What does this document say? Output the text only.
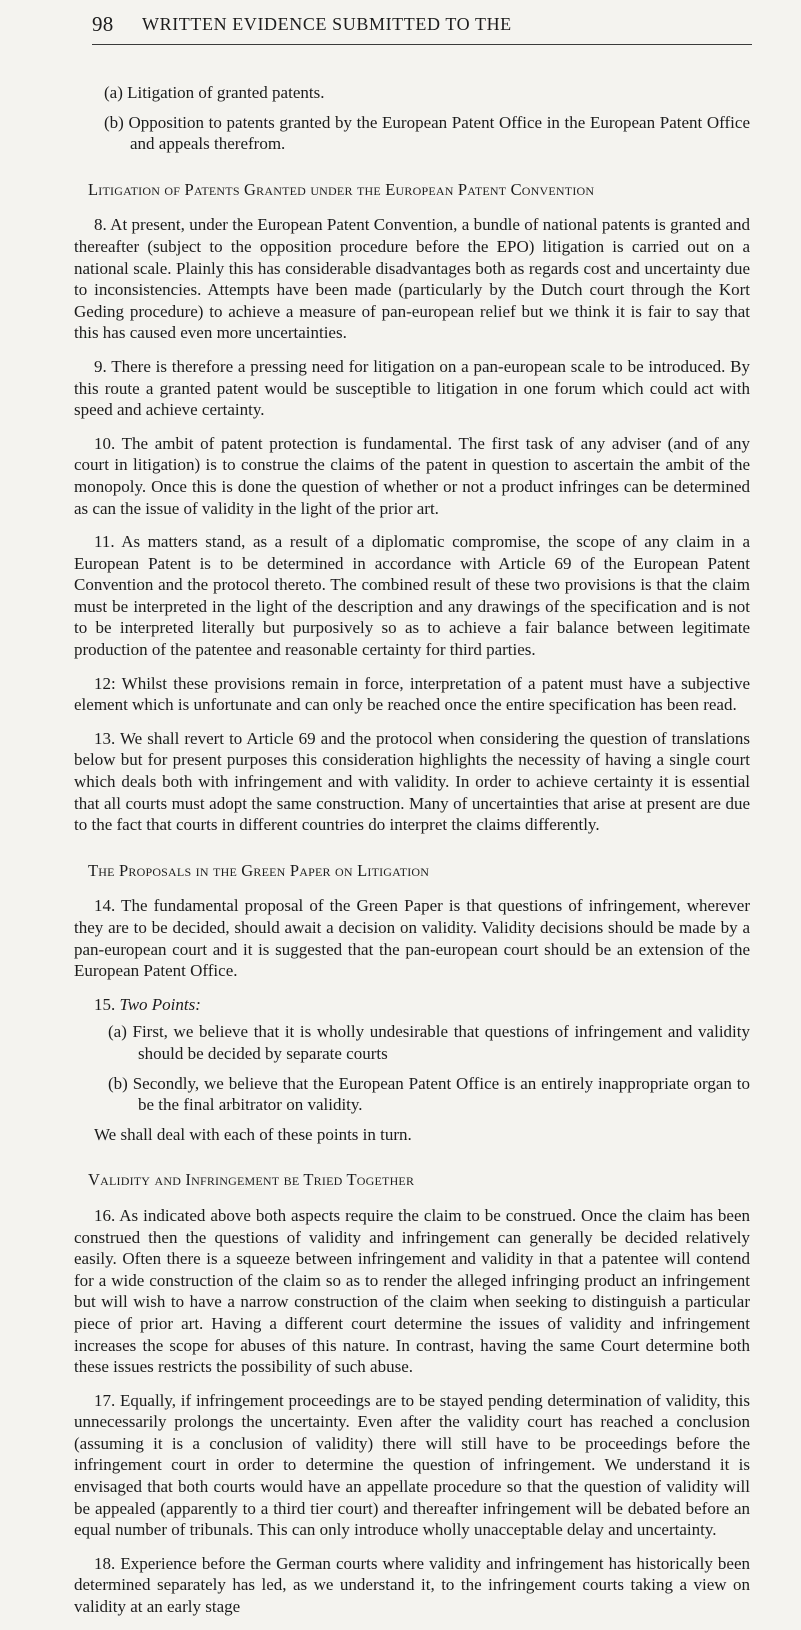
98 WRITTEN EVIDENCE SUBMITTED TO THE

(a) Litigation of granted patents.

(b) Opposition to patents granted by the European Patent Office in the European Patent Office and appeals therefrom.

Litigation of Patents Granted under the European Patent Convention

8. At present, under the European Patent Convention, a bundle of national patents is granted and thereafter (subject to the opposition procedure before the EPO) litigation is carried out on a national scale. Plainly this has considerable disadvantages both as regards cost and uncertainty due to inconsistencies. Attempts have been made (particularly by the Dutch court through the Kort Geding procedure) to achieve a measure of pan-european relief but we think it is fair to say that this has caused even more uncertainties.

9. There is therefore a pressing need for litigation on a pan-european scale to be introduced. By this route a granted patent would be susceptible to litigation in one forum which could act with speed and achieve certainty.

10. The ambit of patent protection is fundamental. The first task of any adviser (and of any court in litigation) is to construe the claims of the patent in question to ascertain the ambit of the monopoly. Once this is done the question of whether or not a product infringes can be determined as can the issue of validity in the light of the prior art.

11. As matters stand, as a result of a diplomatic compromise, the scope of any claim in a European Patent is to be determined in accordance with Article 69 of the European Patent Convention and the protocol thereto. The combined result of these two provisions is that the claim must be interpreted in the light of the description and any drawings of the specification and is not to be interpreted literally but purposively so as to achieve a fair balance between legitimate production of the patentee and reasonable certainty for third parties.

12: Whilst these provisions remain in force, interpretation of a patent must have a subjective element which is unfortunate and can only be reached once the entire specification has been read.

13. We shall revert to Article 69 and the protocol when considering the question of translations below but for present purposes this consideration highlights the necessity of having a single court which deals both with infringement and with validity. In order to achieve certainty it is essential that all courts must adopt the same construction. Many of uncertainties that arise at present are due to the fact that courts in different countries do interpret the claims differently.

The Proposals in the Green Paper on Litigation

14. The fundamental proposal of the Green Paper is that questions of infringement, wherever they are to be decided, should await a decision on validity. Validity decisions should be made by a pan-european court and it is suggested that the pan-european court should be an extension of the European Patent Office.

15. Two Points:

(a) First, we believe that it is wholly undesirable that questions of infringement and validity should be decided by separate courts

(b) Secondly, we believe that the European Patent Office is an entirely inappropriate organ to be the final arbitrator on validity.

We shall deal with each of these points in turn.

Validity and Infringement be Tried Together

16. As indicated above both aspects require the claim to be construed. Once the claim has been construed then the questions of validity and infringement can generally be decided relatively easily. Often there is a squeeze between infringement and validity in that a patentee will contend for a wide construction of the claim so as to render the alleged infringing product an infringement but will wish to have a narrow construction of the claim when seeking to distinguish a particular piece of prior art. Having a different court determine the issues of validity and infringement increases the scope for abuses of this nature. In contrast, having the same Court determine both these issues restricts the possibility of such abuse.

17. Equally, if infringement proceedings are to be stayed pending determination of validity, this unnecessarily prolongs the uncertainty. Even after the validity court has reached a conclusion (assuming it is a conclusion of validity) there will still have to be proceedings before the infringement court in order to determine the question of infringement. We understand it is envisaged that both courts would have an appellate procedure so that the question of validity will be appealed (apparently to a third tier court) and thereafter infringement will be debated before an equal number of tribunals. This can only introduce wholly unacceptable delay and uncertainty.

18. Experience before the German courts where validity and infringement has historically been determined separately has led, as we understand it, to the infringement courts taking a view on validity at an early stage
